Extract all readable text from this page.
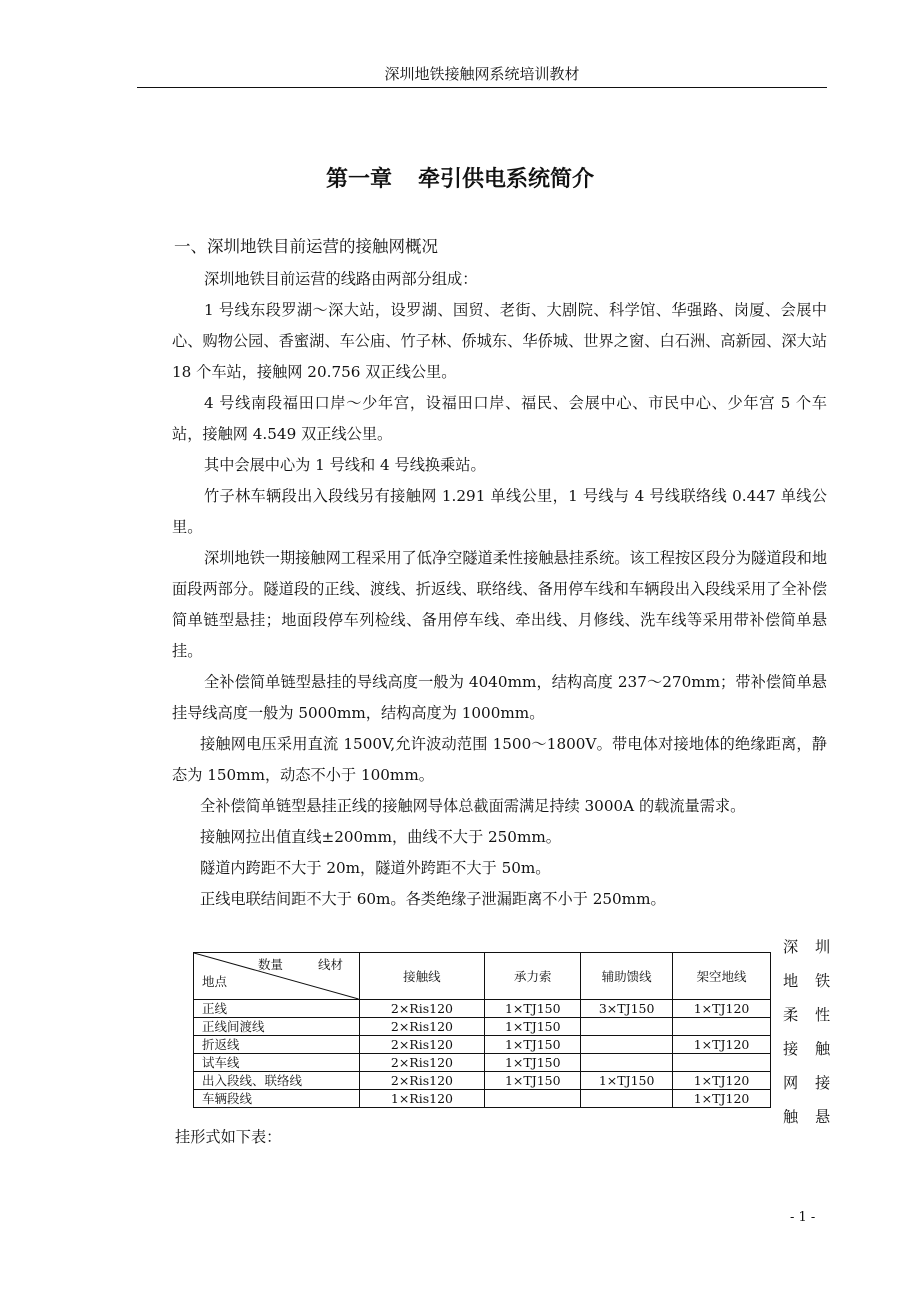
深圳地铁接触网系统培训教材
第一章 牵引供电系统简介
一、深圳地铁目前运营的接触网概况

深圳地铁目前运营的线路由两部分组成：

1 号线东段罗湖～深大站，设罗湖、国贸、老街、大剧院、科学馆、华强路、岗厦、会展中心、购物公园、香蜜湖、车公庙、竹子林、侨城东、华侨城、世界之窗、白石洲、高新园、深大站 18 个车站，接触网 20.756 双正线公里。

4 号线南段福田口岸～少年宫，设福田口岸、福民、会展中心、市民中心、少年宫 5 个车站，接触网 4.549 双正线公里。

其中会展中心为 1 号线和 4 号线换乘站。

竹子林车辆段出入段线另有接触网 1.291 单线公里，1 号线与 4 号线联络线 0.447 单线公里。

深圳地铁一期接触网工程采用了低净空隧道柔性接触悬挂系统。该工程按区段分为隧道段和地面段两部分。隧道段的正线、渡线、折返线、联络线、备用停车线和车辆段出入段线采用了全补偿简单链型悬挂；地面段停车列检线、备用停车线、牵出线、月修线、洗车线等采用带补偿简单悬挂。

全补偿简单链型悬挂的导线高度一般为 4040mm，结构高度 237～270mm；带补偿简单悬挂导线高度一般为 5000mm，结构高度为 1000mm。

接触网电压采用直流 1500V,允许波动范围 1500～1800V。带电体对接地体的绝缘距离，静态为 150mm，动态不小于 100mm。

全补偿简单链型悬挂正线的接触网导体总截面需满足持续 3000A 的载流量需求。

接触网拉出值直线±200mm，曲线不大于 250mm。

隧道内跨距不大于 20m，隧道外跨距不大于 50m。

正线电联结间距不大于 60m。各类绝缘子泄漏距离不小于 250mm。

深 圳
地 铁
柔 性
接 触
网 接
触 悬
数量 线材
地点	接触线	承力索	辅助馈线	架空地线
正线	2×Ris120	1×TJ150	3×TJ150	1×TJ120
正线间渡线	2×Ris120	1×TJ150		
折返线	2×Ris120	1×TJ150		1×TJ120
试车线	2×Ris120	1×TJ150		
出入段线、联络线	2×Ris120	1×TJ150	1×TJ150	1×TJ120
车辆段线	1×Ris120			1×TJ120
挂形式如下表：
- 1 -
